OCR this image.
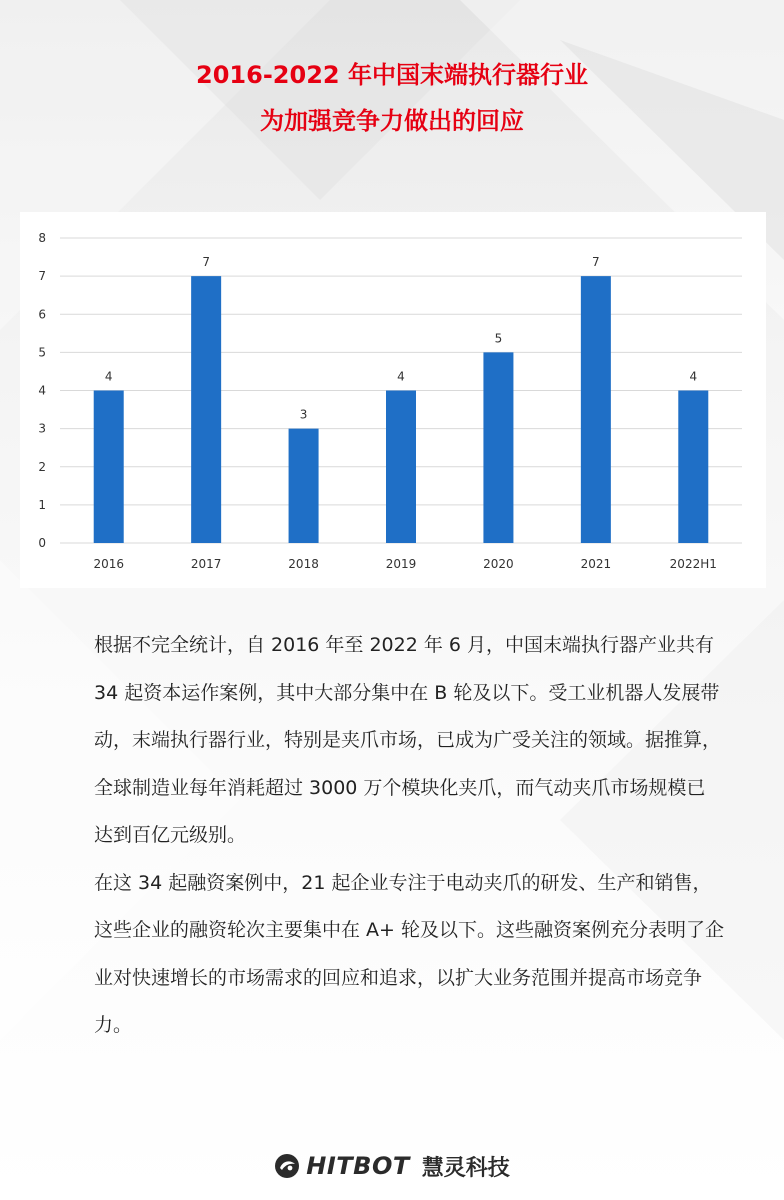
2016-2022 年中国末端执行器行业
为加强竞争力做出的回应
0
1
2
3
4
5
6
7
8
4
2016
7
2017
3
2018
4
2019
5
2020
7
2021
4
2022H1

根据不完全统计，自 2016 年至 2022 年 6 月，中国末端执行器产业共有 34 起资本运作案例，其中大部分集中在 B 轮及以下。受工业机器人发展带动，末端执行器行业，特别是夹爪市场，已成为广受关注的领域。据推算，全球制造业每年消耗超过 3000 万个模块化夹爪，而气动夹爪市场规模已达到百亿元级别。

在这 34 起融资案例中，21 起企业专注于电动夹爪的研发、生产和销售，这些企业的融资轮次主要集中在 A+ 轮及以下。这些融资案例充分表明了企业对快速增长的市场需求的回应和追求，以扩大业务范围并提高市场竞争力。

HITBOT 慧灵科技
